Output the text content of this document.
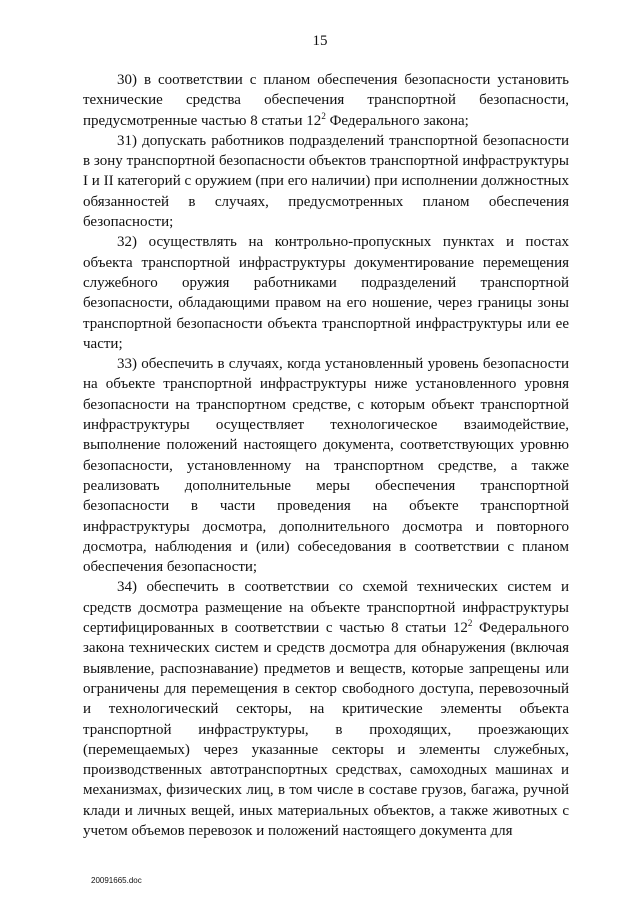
15

30) в соответствии с планом обеспечения безопасности установить технические средства обеспечения транспортной безопасности, предусмотренные частью 8 статьи $12^2$ Федерального закона;

31) допускать работников подразделений транспортной безопасности в зону транспортной безопасности объектов транспортной инфраструктуры I и II категорий с оружием (при его наличии) при исполнении должностных обязанностей в случаях, предусмотренных планом обеспечения безопасности;

32) осуществлять на контрольно-пропускных пунктах и постах объекта транспортной инфраструктуры документирование перемещения служебного оружия работниками подразделений транспортной безопасности, обладающими правом на его ношение, через границы зоны транспортной безопасности объекта транспортной инфраструктуры или ее части;

33) обеспечить в случаях, когда установленный уровень безопасности на объекте транспортной инфраструктуры ниже установленного уровня безопасности на транспортном средстве, с которым объект транспортной инфраструктуры осуществляет технологическое взаимодействие, выполнение положений настоящего документа, соответствующих уровню безопасности, установленному на транспортном средстве, а также реализовать дополнительные меры обеспечения транспортной безопасности в части проведения на объекте транспортной инфраструктуры досмотра, дополнительного досмотра и повторного досмотра, наблюдения и (или) собеседования в соответствии с планом обеспечения безопасности;

34) обеспечить в соответствии со схемой технических систем и средств досмотра размещение на объекте транспортной инфраструктуры сертифицированных в соответствии с частью 8 статьи $12^2$ Федерального закона технических систем и средств досмотра для обнаружения (включая выявление, распознавание) предметов и веществ, которые запрещены или ограничены для перемещения в сектор свободного доступа, перевозочный и технологический секторы, на критические элементы объекта транспортной инфраструктуры, в проходящих, проезжающих (перемещаемых) через указанные секторы и элементы служебных, производственных автотранспортных средствах, самоходных машинах и механизмах, физических лиц, в том числе в составе грузов, багажа, ручной клади и личных вещей, иных материальных объектов, а также животных с учетом объемов перевозок и положений настоящего документа для

20091665.doc
